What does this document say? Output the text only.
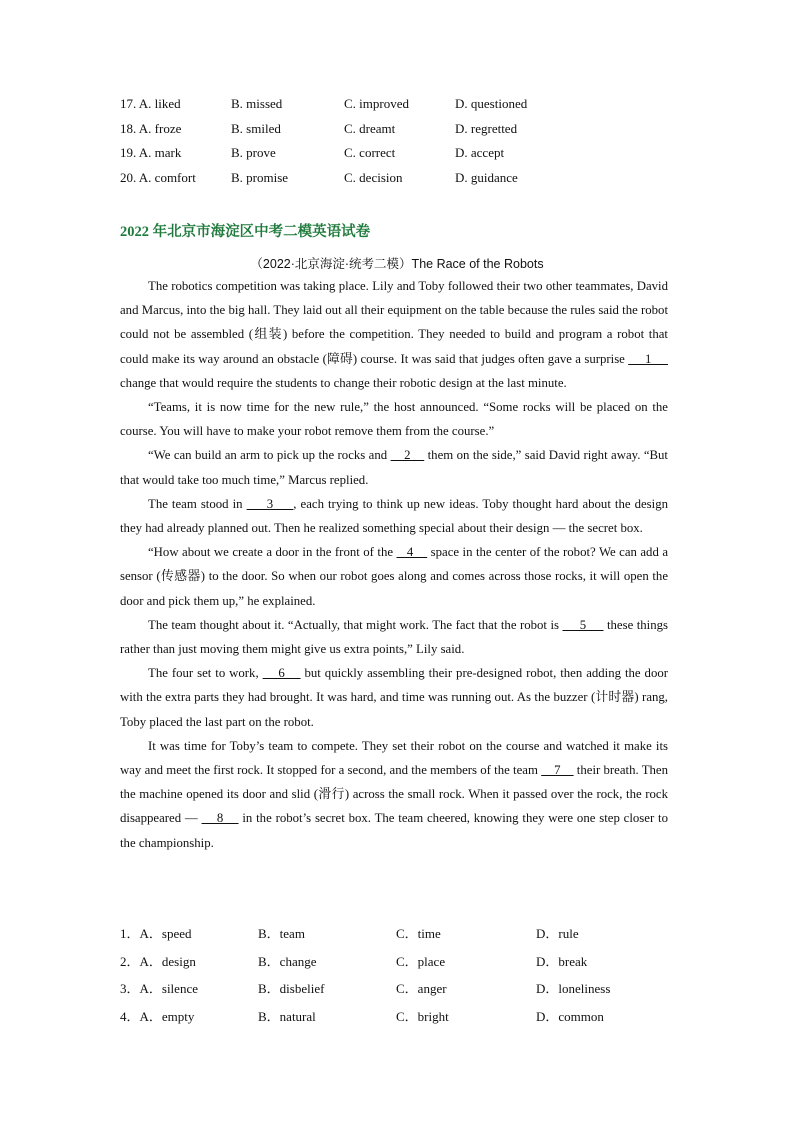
17. A. liked	B. missed	C. improved	D. questioned
18. A. froze	B. smiled	C. dreamt	D. regretted
19. A. mark	B. prove	C. correct	D. accept
20. A. comfort	B. promise	C. decision	D. guidance
2022 年北京市海淀区中考二模英语试卷
（2022·北京海淀·统考二模）The Race of the Robots

The robotics competition was taking place. Lily and Toby followed their two other teammates, David and Marcus, into the big hall. They laid out all their equipment on the table because the rules said the robot could not be assembled (组装) before the competition. They needed to build and program a robot that could make its way around an obstacle (障碍) course. It was said that judges often gave a surprise      1      change that would require the students to change their robotic design at the last minute.

“Teams, it is now time for the new rule,” the host announced. “Some rocks will be placed on the course. You will have to make your robot remove them from the course.”

“We can build an arm to pick up the rocks and     2     them on the side,” said David right away. “But that would take too much time,” Marcus replied.

The team stood in      3     , each trying to think up new ideas. Toby thought hard about the design they had already planned out. Then he realized something special about their design — the secret box.

“How about we create a door in the front of the    4     space in the center of the robot? We can add a sensor (传感器) to the door. So when our robot goes along and comes across those rocks, it will open the door and pick them up,” he explained.

The team thought about it. “Actually, that might work. The fact that the robot is      5      these things rather than just moving them might give us extra points,” Lily said.

The four set to work,     6     but quickly assembling their pre-designed robot, then adding the door with the extra parts they had brought. It was hard, and time was running out. As the buzzer (计时器) rang, Toby placed the last part on the robot.

It was time for Toby’s team to compete. They set their robot on the course and watched it make its way and meet the first rock. It stopped for a second, and the members of the team     7     their breath. Then the machine opened its door and slid (滑行) across the small rock. When it passed over the rock, the rock disappeared —     8     in the robot’s secret box. The team cheered, knowing they were one step closer to the championship.

1．A．speed	B．team	C．time	D．rule
2．A．design	B．change	C．place	D．break
3．A．silence	B．disbelief	C．anger	D．loneliness
4．A．empty	B．natural	C．bright	D．common
